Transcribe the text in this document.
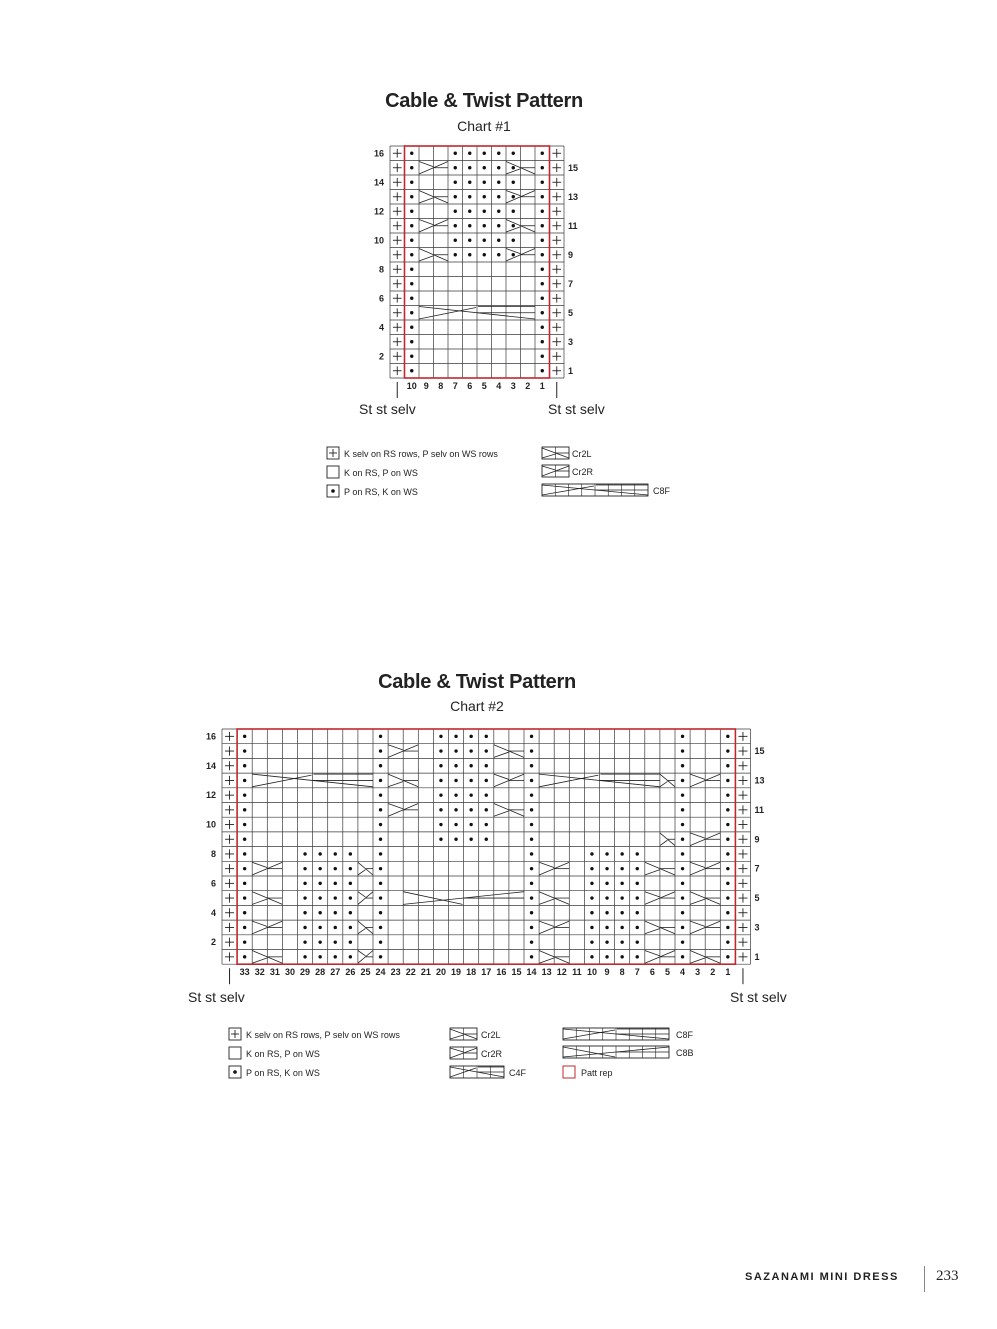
Cable & Twist Pattern
Chart #1
Cable & Twist Pattern
Chart #2
St st selv	St st selv
St st selv	St st selv
K selv on RS rows, P selv on WS rows
K on RS, P on WS
P on RS, K on WS
Cr2L
Cr2R
C8F
K selv on RS rows, P selv on WS rows
K on RS, P on WS
P on RS, K on WS
Cr2L
Cr2R
C4F
C8F
C8B
Patt rep
16
14
12
10
8
6
4
2
15
13
11
9
7
5
3
1
10 9 8 7 6 5 4 3 2 1
16
14
12
10
8
6
4
2
15
13
11
9
7
5
3
1
33 32 31 30 29 28 27 26 25 24 23 22 21 20 19 18 17 16 15 14 13 12 11 10 9 8 7 6 5 4 3 2 1
SAZANAMI MINI DRESS 233
